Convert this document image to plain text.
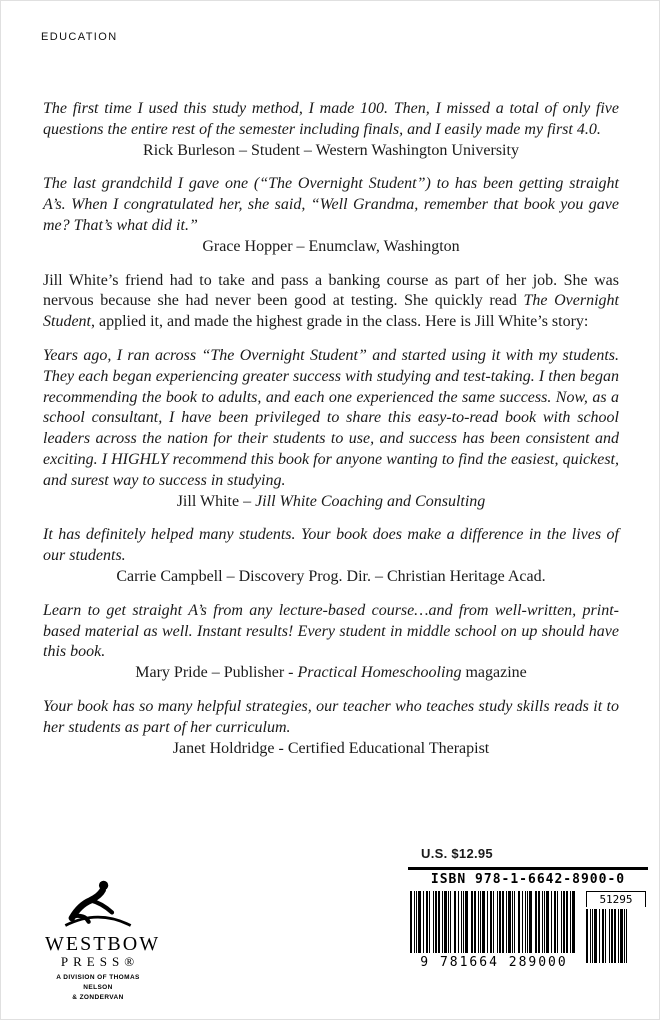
EDUCATION

The first time I used this study method, I made 100. Then, I missed a total of only five questions the entire rest of the semester including finals, and I easily made my first 4.0.

Rick Burleson – Student – Western Washington University

The last grandchild I gave one (“The Overnight Student”) to has been getting straight A’s. When I congratulated her, she said, “Well Grandma, remember that book you gave me? That’s what did it.”

Grace Hopper – Enumclaw, Washington

Jill White’s friend had to take and pass a banking course as part of her job. She was nervous because she had never been good at testing. She quickly read The Overnight Student, applied it, and made the highest grade in the class. Here is Jill White’s story:

Years ago, I ran across “The Overnight Student” and started using it with my students. They each began experiencing greater success with studying and test-taking. I then began recommending the book to adults, and each one experienced the same success. Now, as a school consultant, I have been privileged to share this easy-to-read book with school leaders across the nation for their students to use, and success has been consistent and exciting. I HIGHLY recommend this book for anyone wanting to find the easiest, quickest, and surest way to success in studying.

Jill White – Jill White Coaching and Consulting

It has definitely helped many students. Your book does make a difference in the lives of our students.

Carrie Campbell – Discovery Prog. Dir. – Christian Heritage Acad.

Learn to get straight A’s from any lecture-based course…and from well-written, print-based material as well. Instant results! Every student in middle school on up should have this book.

Mary Pride – Publisher - Practical Homeschooling magazine

Your book has so many helpful strategies, our teacher who teaches study skills reads it to her students as part of her curriculum.

Janet Holdridge - Certified Educational Therapist

U.S. $12.95
ISBN 978-1-6642-8900-0
9 781664 289000
51295
WESTBOW
PRESS®
A DIVISION OF THOMAS NELSON
& ZONDERVAN
